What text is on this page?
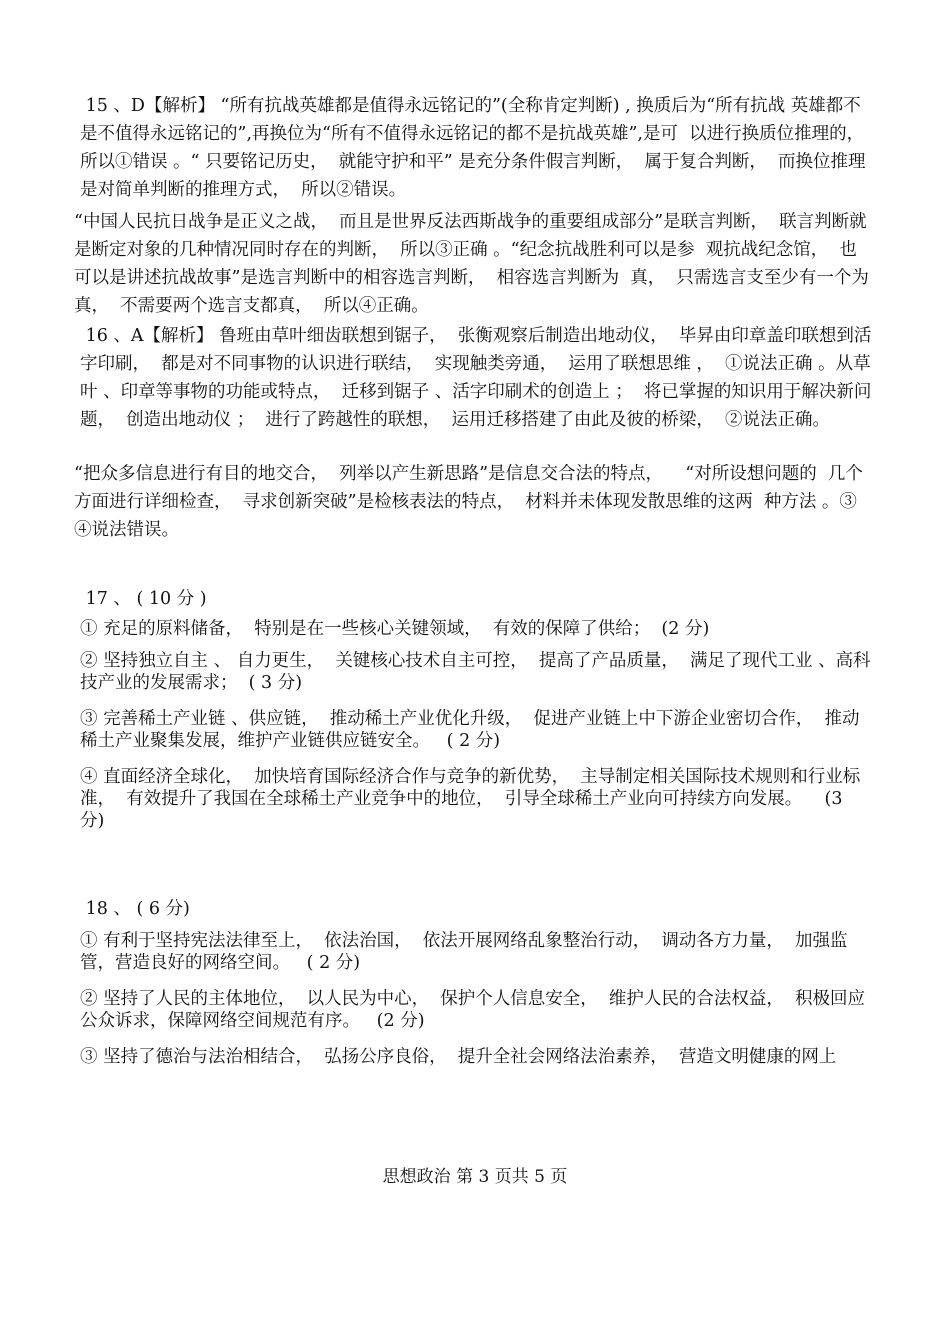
15 、D【解析】 “所有抗战英雄都是值得永远铭记的”(全称肯定判断) , 换质后为“所有抗战 英雄都不是不值得永远铭记的”,再换位为“所有不值得永远铭记的都不是抗战英雄”,是可  以进行换质位推理的，  所以①错误 。“ 只要铭记历史，  就能守护和平” 是充分条件假言判断，  属于复合判断，  而换位推理是对简单判断的推理方式，  所以②错误。

“中国人民抗日战争是正义之战，  而且是世界反法西斯战争的重要组成部分”是联言判断，  联言判断就是断定对象的几种情况同时存在的判断，  所以③正确 。“纪念抗战胜利可以是参  观抗战纪念馆，  也可以是讲述抗战故事”是选言判断中的相容选言判断，  相容选言判断为  真，  只需选言支至少有一个为真，  不需要两个选言支都真，  所以④正确。

16 、A【解析】 鲁班由草叶细齿联想到锯子，  张衡观察后制造出地动仪，  毕昇由印章盖印联想到活字印刷，  都是对不同事物的认识进行联结，  实现触类旁通，  运用了联想思维 ，  ①说法正确 。从草叶 、印章等事物的功能或特点，  迁移到锯子 、活字印刷术的创造上 ；  将已掌握的知识用于解决新问题，  创造出地动仪 ；  进行了跨越性的联想，  运用迁移搭建了由此及彼的桥梁，  ②说法正确。

“把众多信息进行有目的地交合，  列举以产生新思路”是信息交合法的特点，    “对所设想问题的  几个方面进行详细检查，  寻求创新突破”是检核表法的特点，  材料并未体现发散思维的这两  种方法 。③④说法错误。

17 、 ( 10 分 )

① 充足的原料储备，  特别是在一些核心关键领域，  有效的保障了供给；  (2 分)

② 坚持独立自主 、 自力更生，  关键核心技术自主可控，  提高了产品质量，  满足了现代工业 、高科技产业的发展需求；  ( 3 分)

③ 完善稀土产业链 、供应链，  推动稀土产业优化升级，  促进产业链上中下游企业密切合作，  推动稀土产业聚集发展，维护产业链供应链安全。   ( 2 分)

④ 直面经济全球化，  加快培育国际经济合作与竞争的新优势，  主导制定相关国际技术规则和行业标准，  有效提升了我国在全球稀土产业竞争中的地位，  引导全球稀土产业向可持续方向发展。    (3 分)

18 、 ( 6 分)

① 有利于坚持宪法法律至上，  依法治国，  依法开展网络乱象整治行动，  调动各方力量，  加强监管，营造良好的网络空间。   ( 2 分)

② 坚持了人民的主体地位，  以人民为中心，  保护个人信息安全，  维护人民的合法权益，  积极回应公众诉求，保障网络空间规范有序。   (2 分)

③ 坚持了德治与法治相结合，  弘扬公序良俗，  提升全社会网络法治素养，  营造文明健康的网上

思想政治 第 3 页共 5 页
